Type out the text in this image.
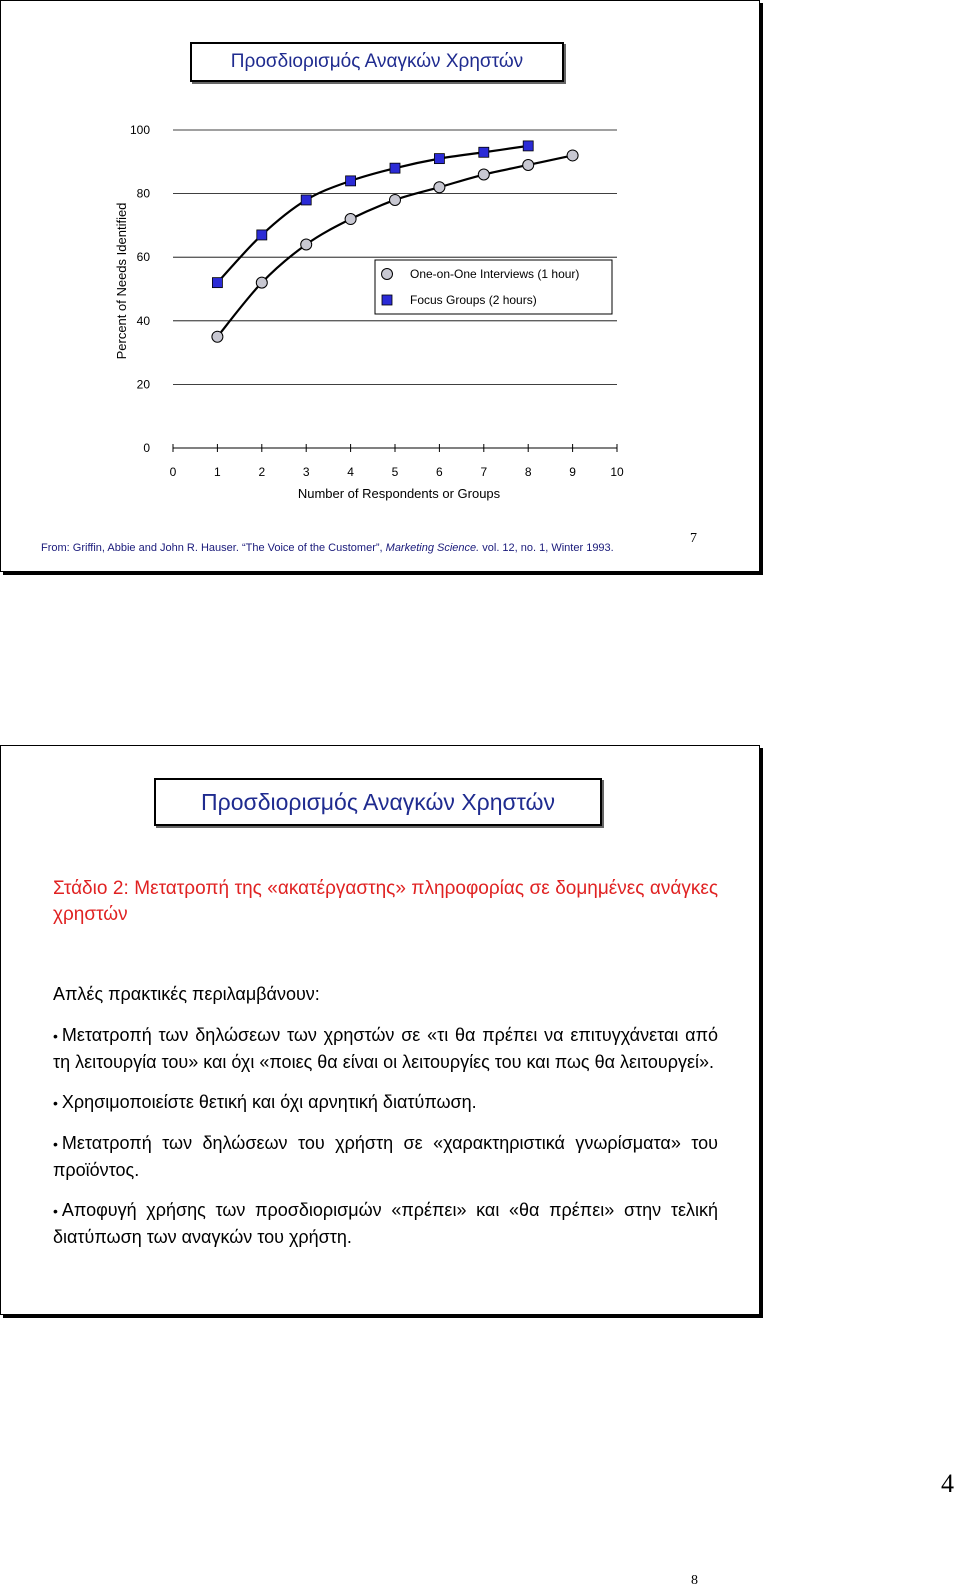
Προσδιορισμός Αναγκών Χρηστών
100
80
60
40
20
0
0	1	2	3	4	5	6	7	8	9	10
Number of Respondents or Groups
Percent of Needs Identified	One-on-One Interviews (1 hour)
Focus Groups (2 hours)
From: Griffin, Abbie and John R. Hauser. “The Voice of the Customer”, Marketing Science. vol. 12, no. 1, Winter 1993.
7
Προσδιορισμός Αναγκών Χρηστών
Στάδιο 2: Μετατροπή της «ακατέργαστης» πληροφορίας σε δομημένες ανάγκες χρηστών
Απλές πρακτικές περιλαμβάνουν:
• Μετατροπή των δηλώσεων των χρηστών σε «τι θα πρέπει να επιτυγχάνεται από τη λειτουργία του» και όχι «ποιες θα είναι οι λειτουργίες του και πως θα λειτουργεί».
• Χρησιμοποιείστε θετική και όχι αρνητική διατύπωση.
• Μετατροπή των δηλώσεων του χρήστη σε «χαρακτηριστικά γνωρίσματα» του προϊόντος.
• Αποφυγή χρήσης των προσδιορισμών «πρέπει» και «θα πρέπει» στην τελική διατύπωση των αναγκών του χρήστη.
8
4
